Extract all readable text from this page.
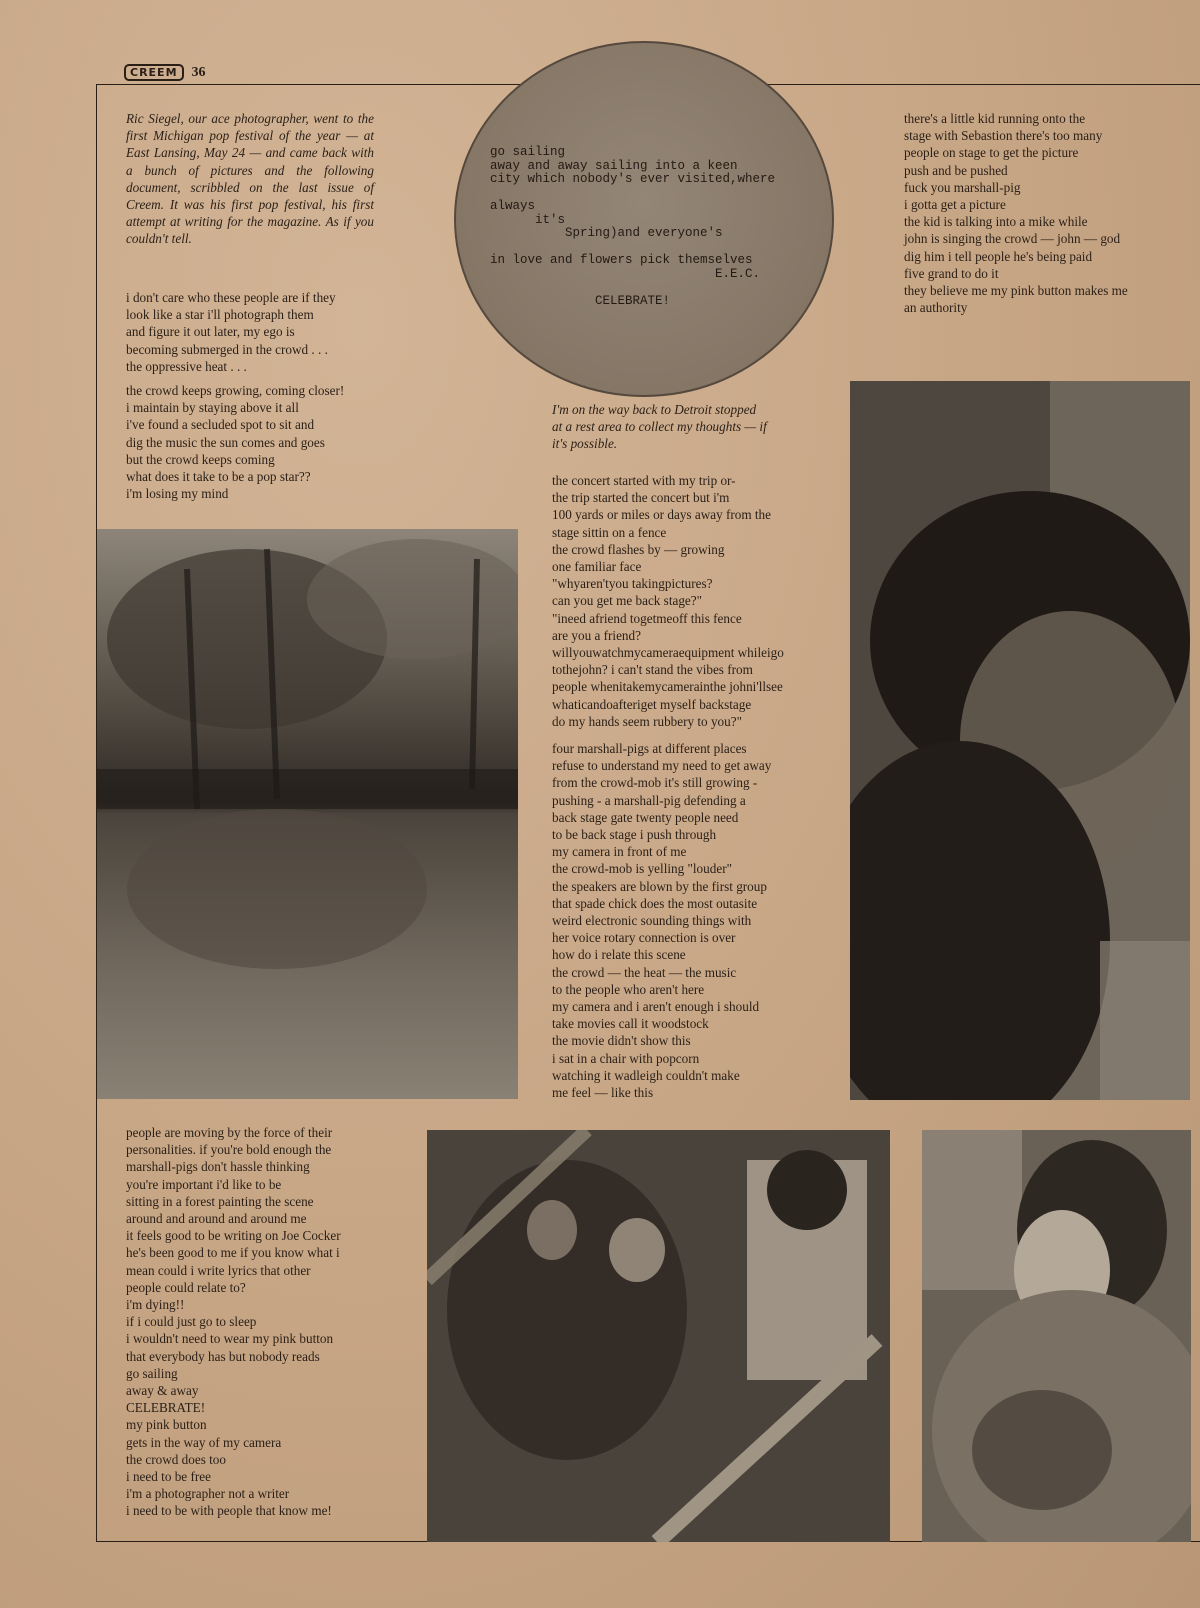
CREEM	36
Ric Siegel, our ace photographer, went to the first Michigan pop festival of the year — at East Lansing, May 24 — and came back with a bunch of pictures and the following document, scribbled on the last issue of Creem. It was his first pop festival, his first attempt at writing for the magazine. As if you couldn't tell.
i don't care who these people are if they
look like a star i'll photograph them
and figure it out later, my ego is
becoming submerged in the crowd . . .
the oppressive heat . . .
the crowd keeps growing, coming closer!
i maintain by staying above it all
i've found a secluded spot to sit and
dig the music the sun comes and goes
but the crowd keeps coming
what does it take to be a pop star??
i'm losing my mind
go sailing
away and away sailing into a keen
city which nobody's ever visited,where

always
it's
Spring)and everyone's

in love and flowers pick themselves
E.E.C.

CELEBRATE!
I'm on the way back to Detroit stopped
at a rest area to collect my thoughts — if
it's possible.
the concert started with my trip or-
the trip started the concert but i'm
100 yards or miles or days away from the
stage sittin on a fence
the crowd flashes by — growing
one familiar face
"whyaren'tyou takingpictures?
can you get me back stage?"
"ineed afriend togetmeoff this fence
are you a friend?
willyouwatchmycameraequipment whileigo
tothejohn? i can't stand the vibes from
people whenitakemycamerainthe johni'llsee
whaticandoafteriget myself backstage
do my hands seem rubbery to you?"
four marshall-pigs at different places
refuse to understand my need to get away
from the crowd-mob it's still growing -
pushing - a marshall-pig defending a
back stage gate twenty people need
to be back stage i push through
my camera in front of me
the crowd-mob is yelling "louder"
the speakers are blown by the first group
that spade chick does the most outasite
weird electronic sounding things with
her voice rotary connection is over
how do i relate this scene
the crowd — the heat — the music
to the people who aren't here
my camera and i aren't enough i should
take movies call it woodstock
the movie didn't show this
i sat in a chair with popcorn
watching it wadleigh couldn't make
me feel — like this
there's a little kid running onto the
stage with Sebastion there's too many
people on stage to get the picture
push and be pushed
fuck you marshall-pig
i gotta get a picture
the kid is talking into a mike while
john is singing the crowd — john — god
dig him i tell people he's being paid
five grand to do it
they believe me my pink button makes me
an authority
people are moving by the force of their
personalities. if you're bold enough the
marshall-pigs don't hassle thinking
you're important i'd like to be
sitting in a forest painting the scene
around and around and around me
it feels good to be writing on Joe Cocker
he's been good to me if you know what i
mean could i write lyrics that other
people could relate to?
i'm dying!!
if i could just go to sleep
i wouldn't need to wear my pink button
that everybody has but nobody reads
go sailing
away & away
CELEBRATE!
my pink button
gets in the way of my camera
the crowd does too
i need to be free
i'm a photographer not a writer
i need to be with people that know me!
